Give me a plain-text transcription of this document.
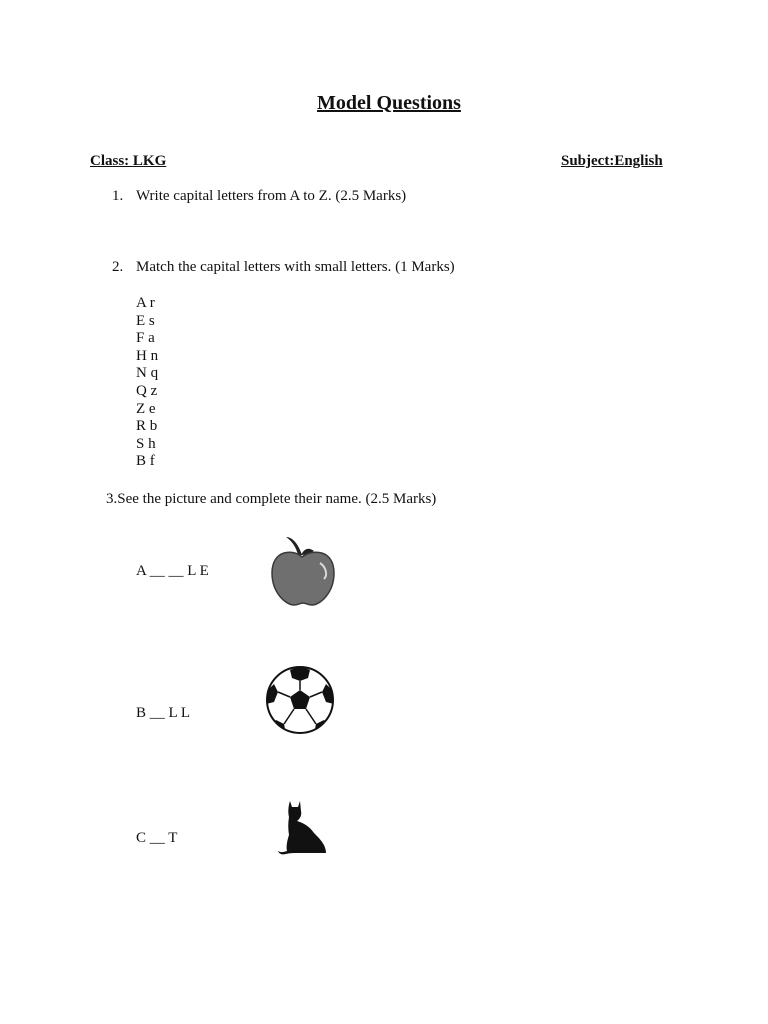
Model Questions
Class: LKG	Subject:English
1. Write capital letters from A to Z. (2.5 Marks)
2. Match the capital letters with small letters. (1 Marks)
A r
E s
F a
H n
N q
Q z
Z e
R b
S h
B f
3.See the picture and complete their name. (2.5 Marks)
A __ __ L E
B __ L L
C __ T
